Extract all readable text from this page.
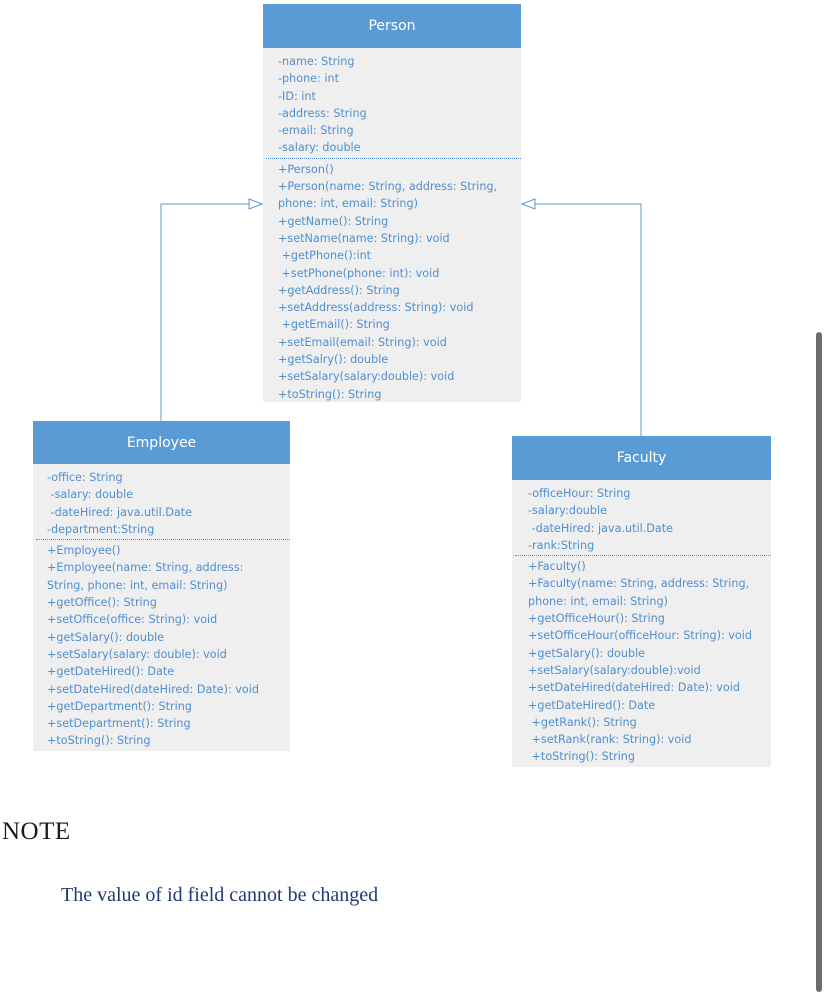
Person
-name: String
-phone: int
-ID: int
-address: String
-email: String
-salary: double
+Person()
+Person(name: String, address: String,
phone: int, email: String)
+getName(): String
+setName(name: String): void
+getPhone():int
+setPhone(phone: int): void
+getAddress(): String
+setAddress(address: String): void
+getEmail(): String
+setEmail(email: String): void
+getSalry(): double
+setSalary(salary:double): void
+toString(): String
Employee
-office: String
-salary: double
-dateHired: java.util.Date
-department:String
+Employee()
+Employee(name: String, address:
String, phone: int, email: String)
+getOffice(): String
+setOffice(office: String): void
+getSalary(): double
+setSalary(salary: double): void
+getDateHired(): Date
+setDateHired(dateHired: Date): void
+getDepartment(): String
+setDepartment(): String
+toString(): String
Faculty
-officeHour: String
-salary:double
-dateHired: java.util.Date
-rank:String
+Faculty()
+Faculty(name: String, address: String,
phone: int, email: String)
+getOfficeHour(): String
+setOfficeHour(officeHour: String): void
+getSalary(): double
+setSalary(salary:double):void
+setDateHired(dateHired: Date): void
+getDateHired(): Date
+getRank(): String
+setRank(rank: String): void
+toString(): String
NOTE
The value of id field cannot be changed
